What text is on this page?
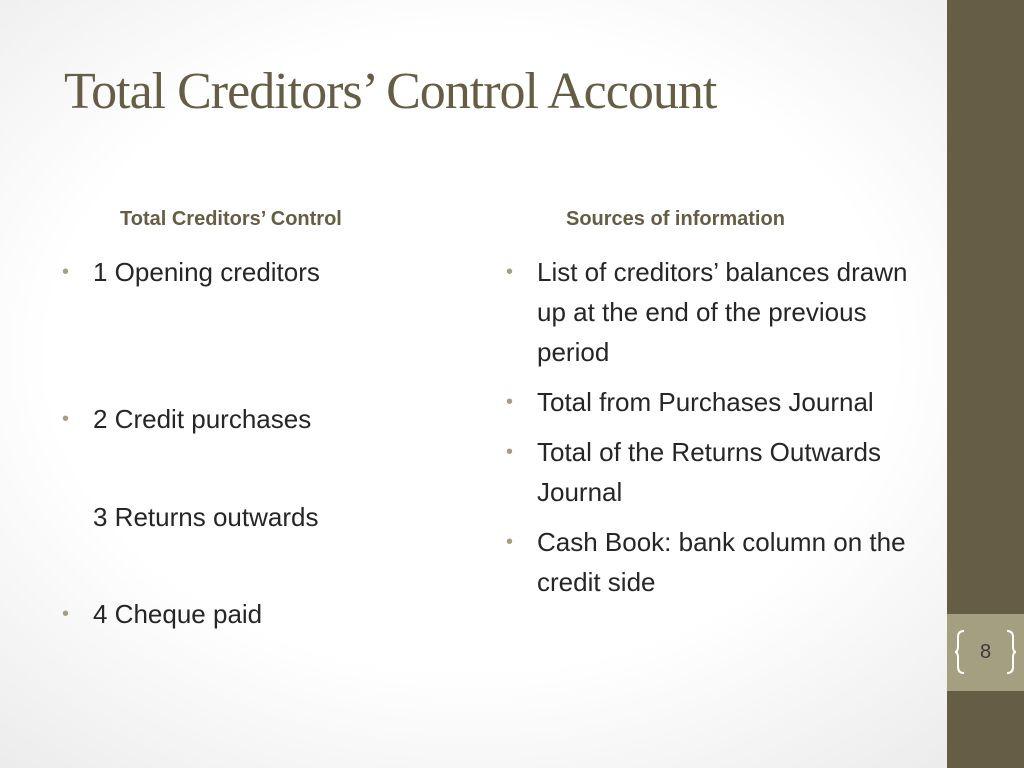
Total Creditors’ Control Account
Total Creditors’ Control	Sources of information
• 1 Opening creditors
• 2 Credit purchases
3 Returns outwards
• 4 Cheque paid
• List of creditors’ balances drawn up at the end of the previous period
• Total from Purchases Journal
• Total of the Returns Outwards Journal
• Cash Book: bank column on the credit side
8
